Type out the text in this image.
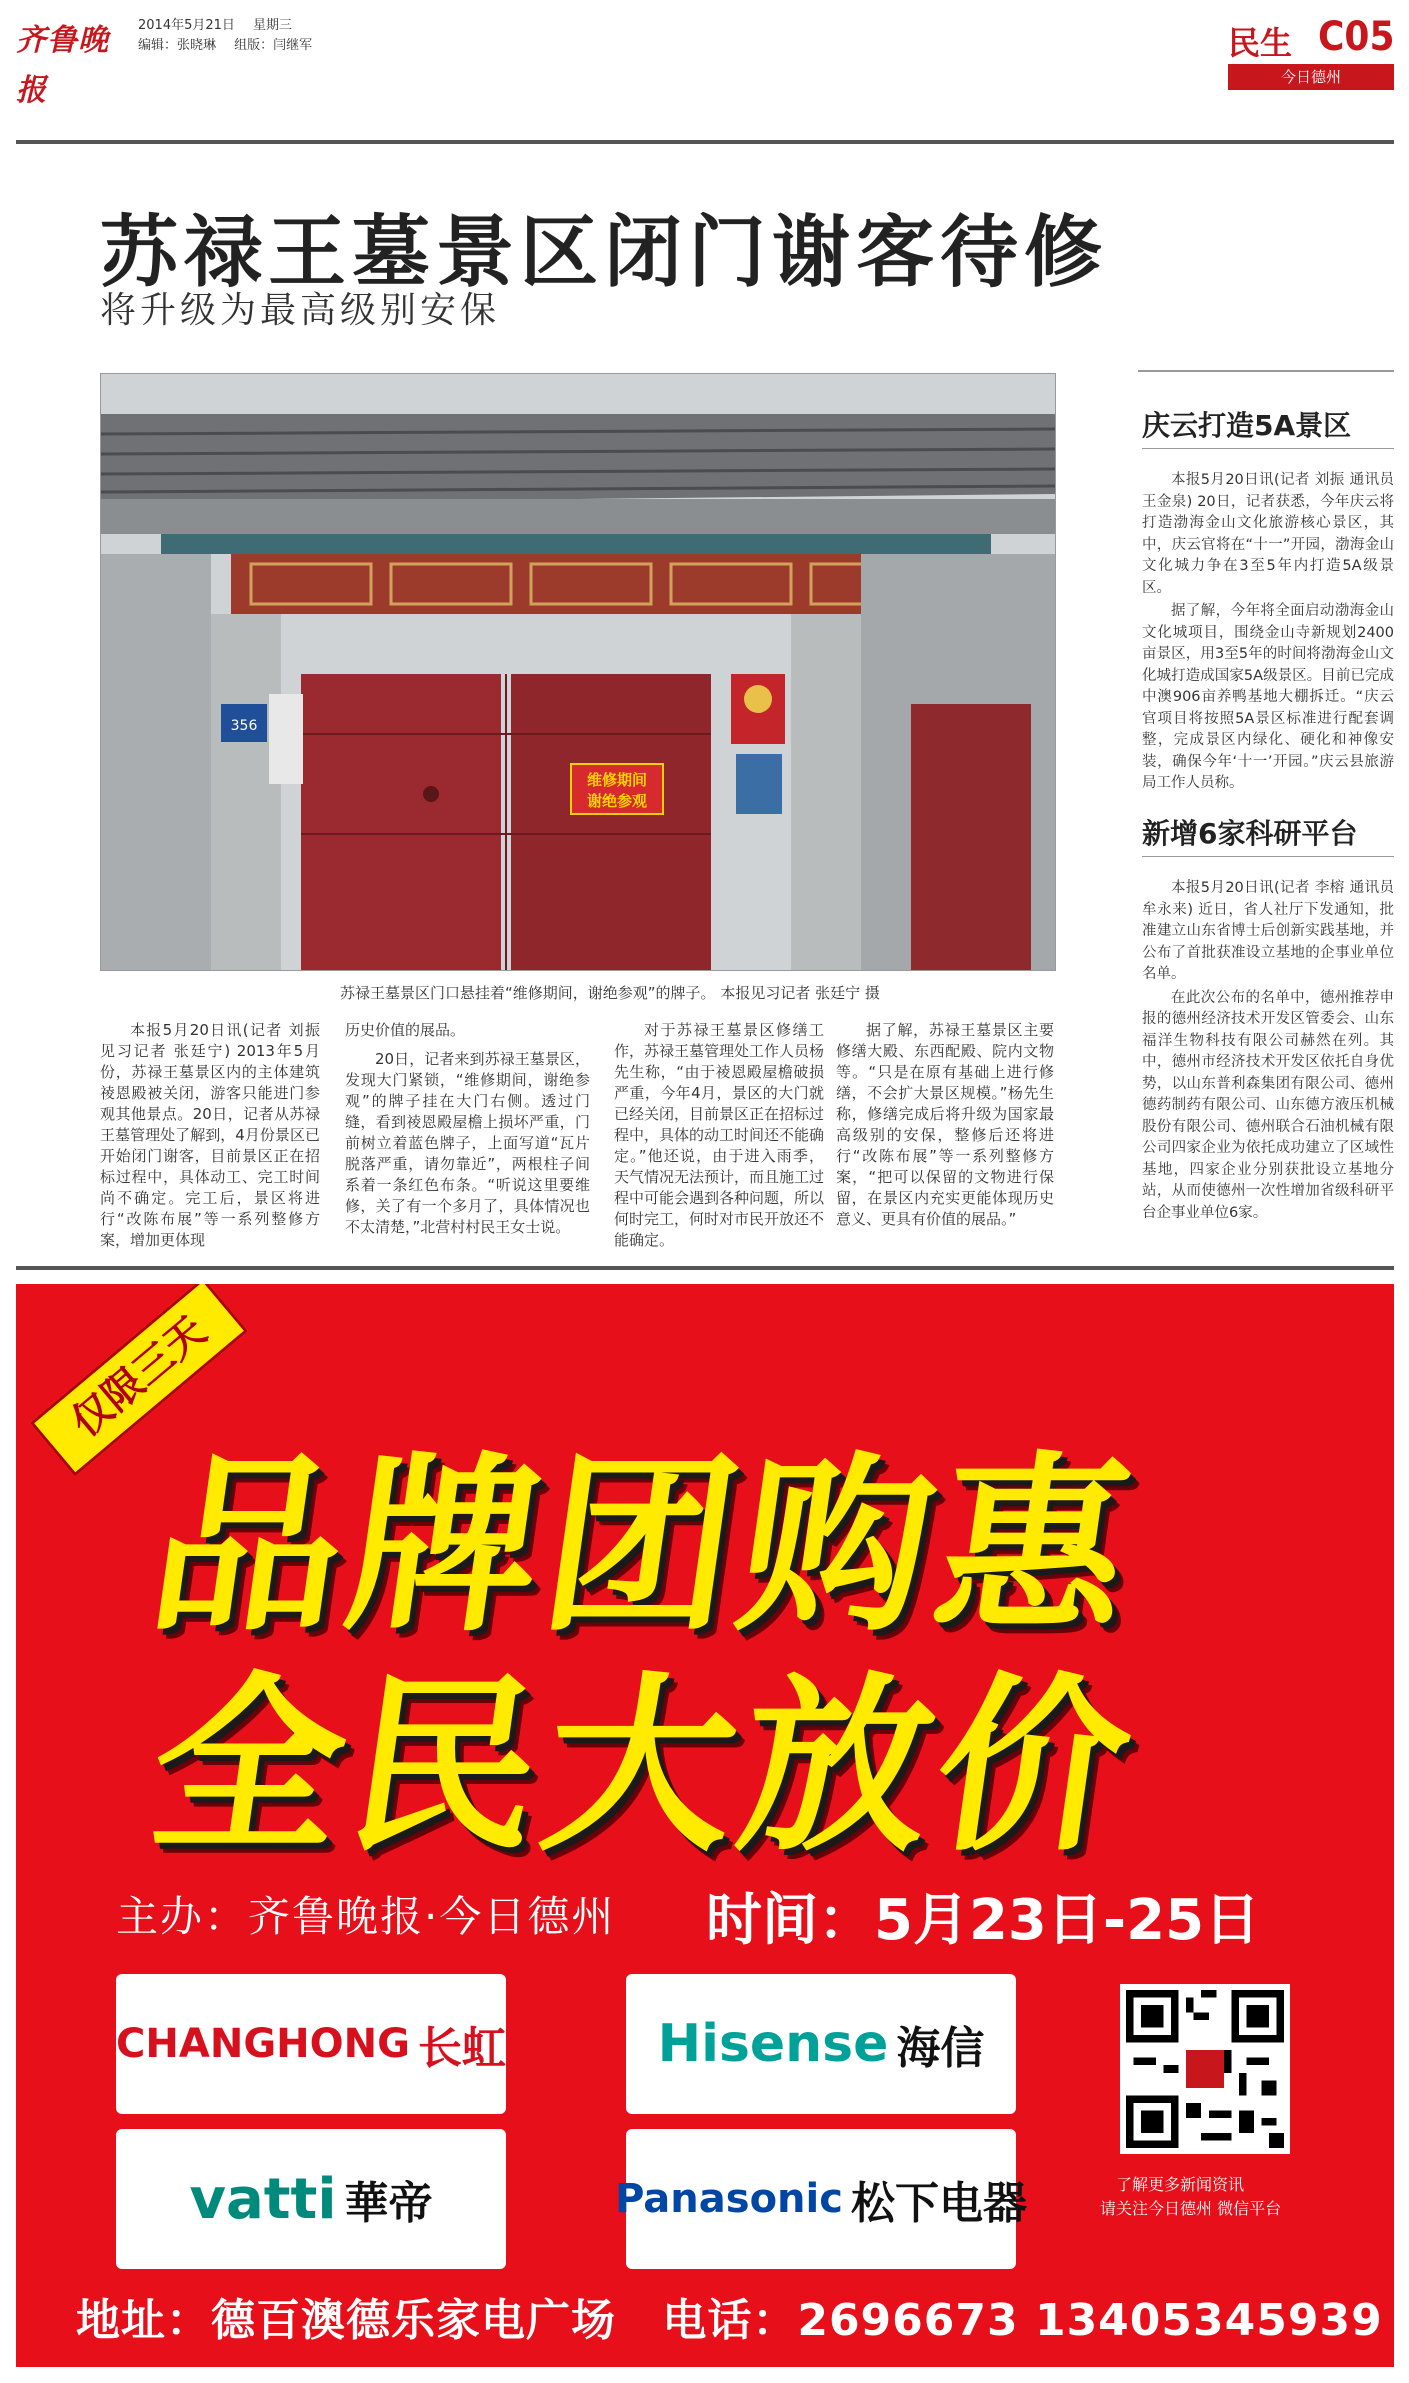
齐鲁晚报
2014年5月21日 星期三
编辑：张晓琳 组版：闫继军	民生 C05
今日德州
苏禄王墓景区闭门谢客待修
将升级为最高级别安保
356
维修期间
谢绝参观
苏禄王墓景区门口悬挂着“维修期间，谢绝参观”的牌子。 本报见习记者 张廷宁 摄

本报5月20日讯(记者 刘振 见习记者 张廷宁) 2013年5月份，苏禄王墓景区内的主体建筑祾恩殿被关闭，游客只能进门参观其他景点。20日，记者从苏禄王墓管理处了解到，4月份景区已开始闭门谢客，目前景区正在招标过程中，具体动工、完工时间尚不确定。完工后，景区将进行“改陈布展”等一系列整修方案，增加更体现

历史价值的展品。

20日，记者来到苏禄王墓景区，发现大门紧锁，“维修期间，谢绝参观”的牌子挂在大门右侧。透过门缝，看到祾恩殿屋檐上损坏严重，门前树立着蓝色牌子，上面写道“瓦片脱落严重，请勿靠近”，两根柱子间系着一条红色布条。“听说这里要维修，关了有一个多月了，具体情况也不太清楚，”北营村村民王女士说。

对于苏禄王墓景区修缮工作，苏禄王墓管理处工作人员杨先生称，“由于祾恩殿屋檐破损严重，今年4月，景区的大门就已经关闭，目前景区正在招标过程中，具体的动工时间还不能确定。”他还说，由于进入雨季，天气情况无法预计，而且施工过程中可能会遇到各种问题，所以何时完工，何时对市民开放还不能确定。

据了解，苏禄王墓景区主要修缮大殿、东西配殿、院内文物等。“只是在原有基础上进行修缮，不会扩大景区规模。”杨先生称，修缮完成后将升级为国家最高级别的安保，整修后还将进行“改陈布展”等一系列整修方案，“把可以保留的文物进行保留，在景区内充实更能体现历史意义、更具有价值的展品。”

庆云打造5A景区

本报5月20日讯(记者 刘振 通讯员 王金泉) 20日，记者获悉，今年庆云将打造渤海金山文化旅游核心景区，其中，庆云官将在“十一”开园，渤海金山文化城力争在3至5年内打造5A级景区。

据了解，今年将全面启动渤海金山文化城项目，围绕金山寺新规划2400亩景区，用3至5年的时间将渤海金山文化城打造成国家5A级景区。目前已完成中澳906亩养鸭基地大棚拆迁。“庆云官项目将按照5A景区标准进行配套调整，完成景区内绿化、硬化和神像安装，确保今年‘十一’开园。”庆云县旅游局工作人员称。

新增6家科研平台

本报5月20日讯(记者 李榕 通讯员 牟永来) 近日，省人社厅下发通知，批准建立山东省博士后创新实践基地，并公布了首批获准设立基地的企事业单位名单。

在此次公布的名单中，德州推荐申报的德州经济技术开发区管委会、山东福洋生物科技有限公司赫然在列。其中，德州市经济技术开发区依托自身优势，以山东普利森集团有限公司、德州德药制药有限公司、山东德方液压机械股份有限公司、德州联合石油机械有限公司四家企业为依托成功建立了区域性基地，四家企业分别获批设立基地分站，从而使德州一次性增加省级科研平台企事业单位6家。

仅限三天
品牌团购惠
全民大放价
主办：齐鲁晚报·今日德州 时间：5月23日-25日
CHANGHONG 长虹	Hisense 海信
vatti 華帝	Panasonic 松下电器	了解更多新闻资讯
请关注今日德州 微信平台
地址：德百澳德乐家电广场 电话：2696673 13405345939
